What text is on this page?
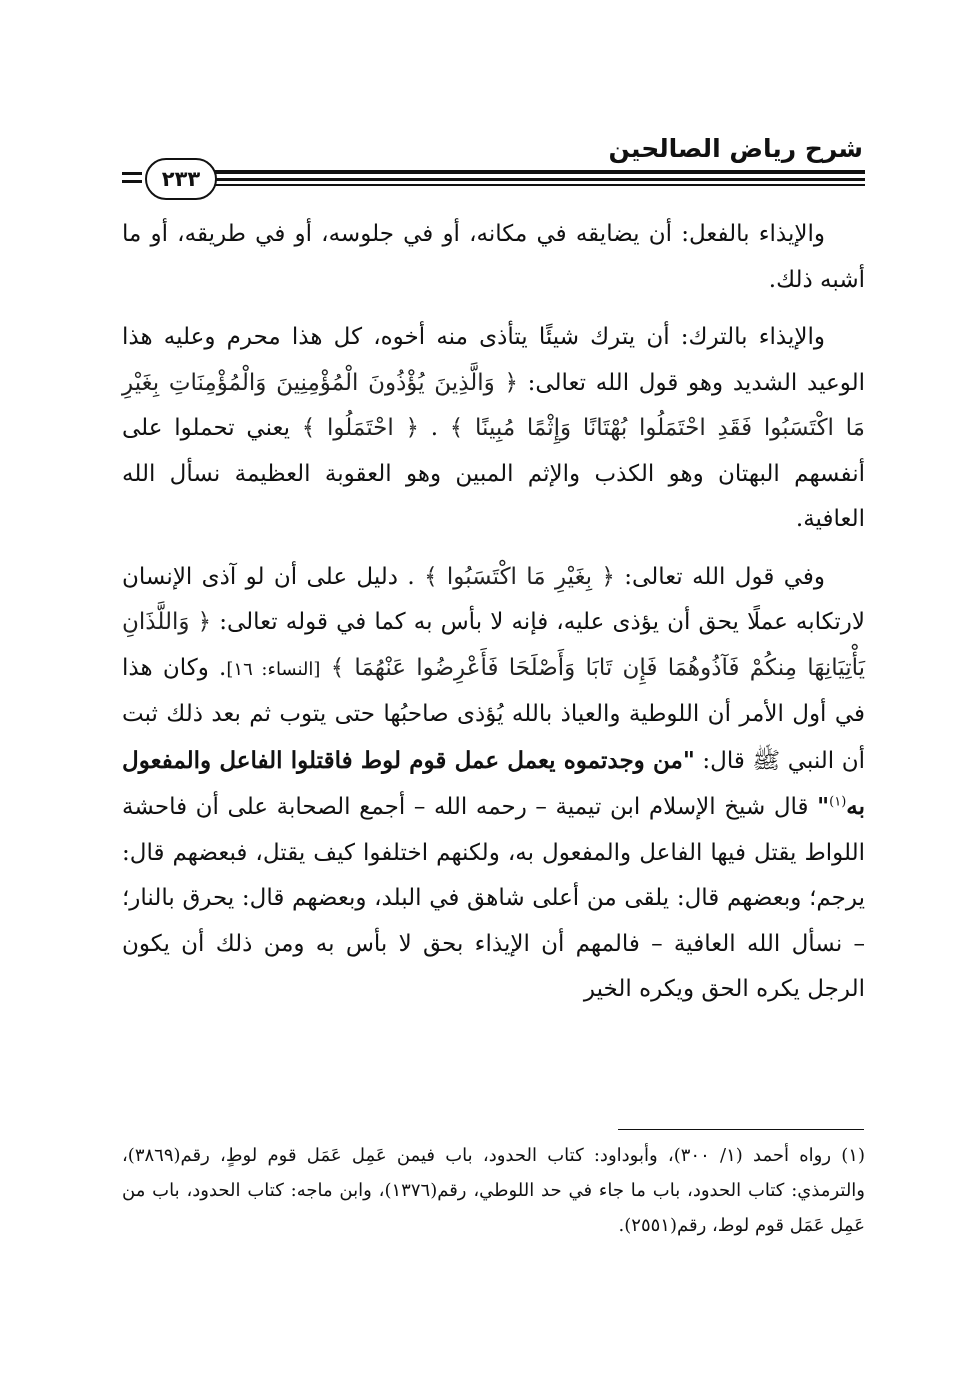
شرح رياض الصالحين
٢٣٣

والإيذاء بالفعل: أن يضايقه في مكانه، أو في جلوسه، أو في طريقه، أو ما أشبه ذلك.

والإيذاء بالترك: أن يترك شيئًا يتأذى منه أخوه، كل هذا محرم وعليه هذا الوعيد الشديد وهو قول الله تعالى: ﴿ وَالَّذِينَ يُؤْذُونَ الْمُؤْمِنِينَ وَالْمُؤْمِنَاتِ بِغَيْرِ مَا اكْتَسَبُوا فَقَدِ احْتَمَلُوا بُهْتَانًا وَإِثْمًا مُبِينًا ﴾ . ﴿ احْتَمَلُوا ﴾ يعني تحملوا على أنفسهم البهتان وهو الكذب والإثم المبين وهو العقوبة العظيمة نسأل الله العافية.

وفي قول الله تعالى: ﴿ بِغَيْرِ مَا اكْتَسَبُوا ﴾ . دليل على أن لو آذى الإنسان لارتكابه عملًا يحق أن يؤذى عليه، فإنه لا بأس به كما في قوله تعالى: ﴿ وَاللَّذَانِ يَأْتِيَانِهَا مِنكُمْ فَآذُوهُمَا فَإِن تَابَا وَأَصْلَحَا فَأَعْرِضُوا عَنْهُمَا ﴾ [النساء: ١٦]. وكان هذا في أول الأمر أن اللوطية والعياذ بالله يُؤذى صاحبُها حتى يتوب ثم بعد ذلك ثبت أن النبي ﷺ قال: "من وجدتموه يعمل عمل قوم لوط فاقتلوا الفاعل والمفعول به$^{(١)}$" قال شيخ الإسلام ابن تيمية – رحمه الله – أجمع الصحابة على أن فاحشة اللواط يقتل فيها الفاعل والمفعول به، ولكنهم اختلفوا كيف يقتل، فبعضهم قال: يرجم؛ وبعضهم قال: يلقى من أعلى شاهق في البلد، وبعضهم قال: يحرق بالنار؛ – نسأل الله العافية – فالمهم أن الإيذاء بحق لا بأس به ومن ذلك أن يكون الرجل يكره الحق ويكره الخير

(١) رواه أحمد (١/ ٣٠٠)، وأبوداود: كتاب الحدود، باب فيمن عَمِل عَمَل قوم لوطٍ، رقم(٣٨٦٩)، والترمذي: كتاب الحدود، باب ما جاء في حد اللوطي، رقم(١٣٧٦)، وابن ماجه: كتاب الحدود، باب من عَمِل عَمَل قوم لوط، رقم(٢٥٥١).
